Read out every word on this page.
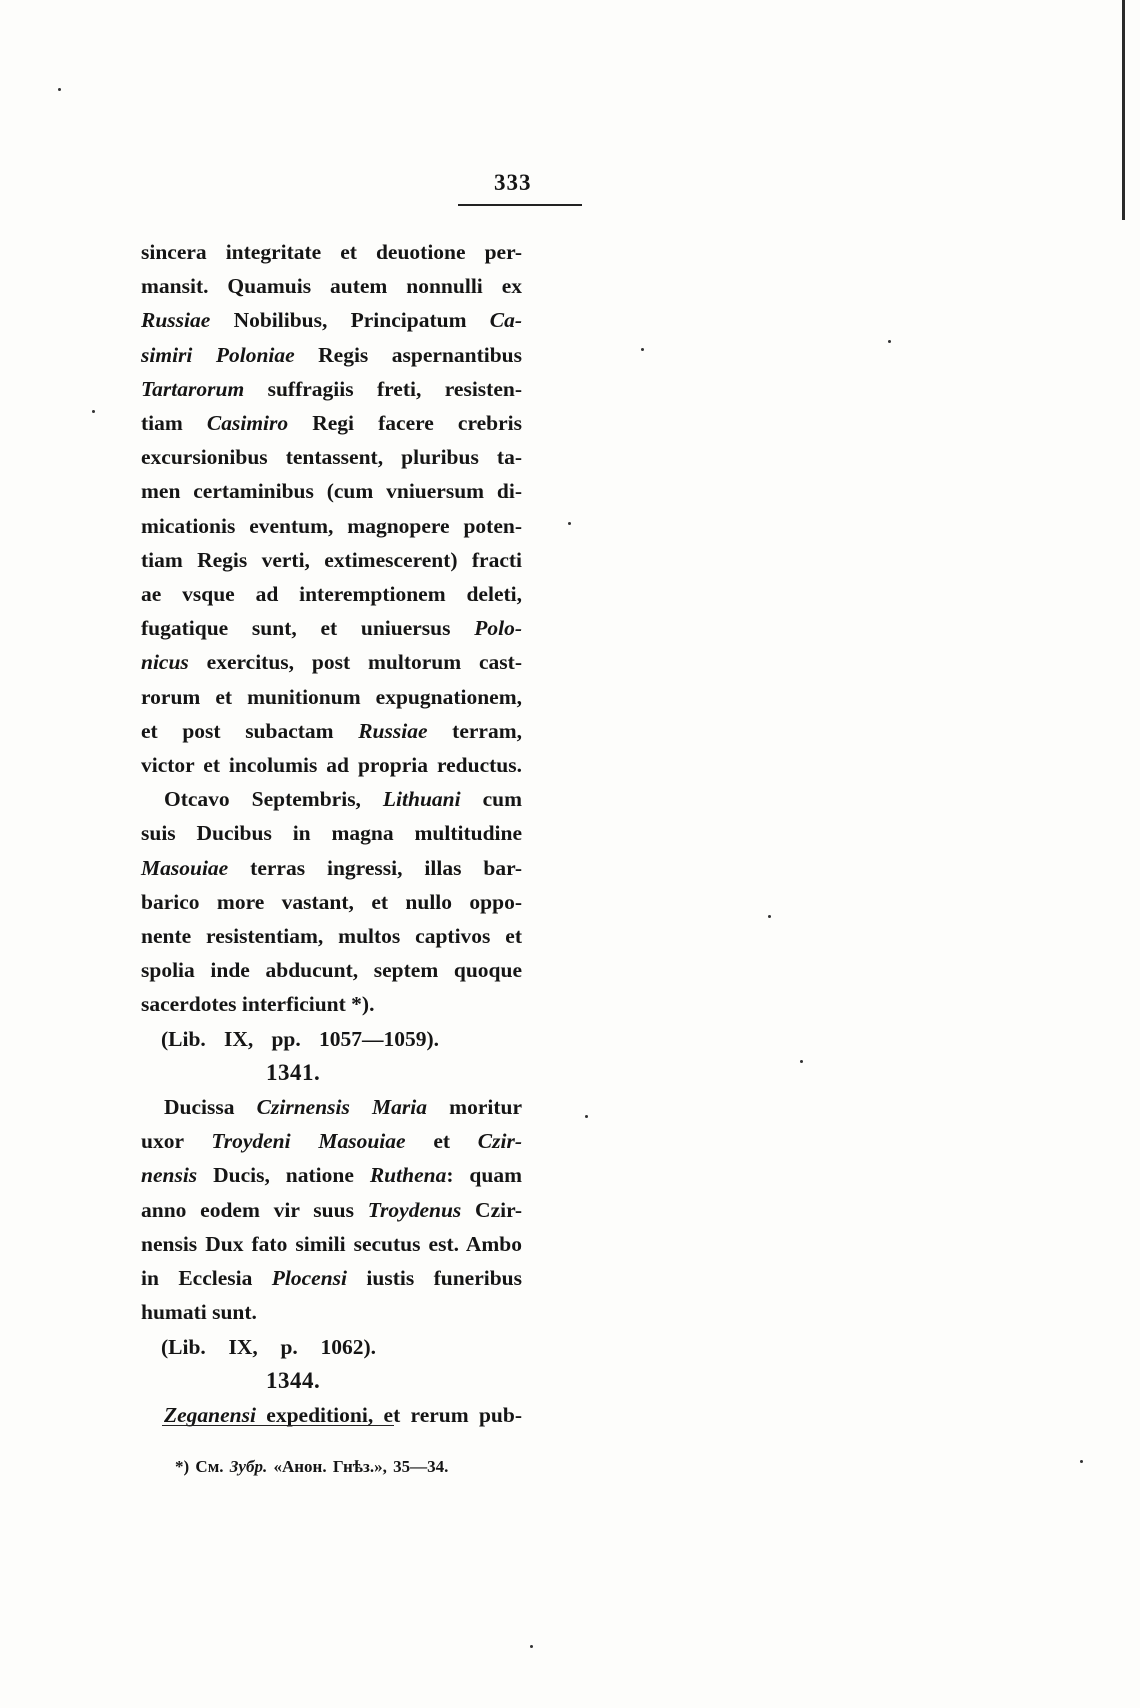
333
sincera integritate et deuotione per-
mansit. Quamuis autem nonnulli ex
Russiae Nobilibus, Principatum Ca-
simiri Poloniae Regis aspernantibus
Tartarorum suffragiis freti, resisten-
tiam Casimiro Regi facere crebris
excursionibus tentassent, pluribus ta-
men certaminibus (cum vniuersum di-
micationis eventum, magnopere poten-
tiam Regis verti, extimescerent) fracti
ae vsque ad interemptionem deleti,
fugatique sunt, et uniuersus Polo-
nicus exercitus, post multorum cast-
rorum et munitionum expugnationem,
et post subactam Russiae terram,
victor et incolumis ad propria reductus.
Otcavo Septembris, Lithuani cum
suis Ducibus in magna multitudine
Masouiae terras ingressi, illas bar-
barico more vastant, et nullo oppo-
nente resistentiam, multos captivos et
spolia inde abducunt, septem quoque
sacerdotes interficiunt *).
(Lib. IX, pp. 1057—1059).
1341.
Ducissa Czirnensis Maria moritur
uxor Troydeni Masouiae et Czir-
nensis Ducis, natione Ruthena: quam
anno eodem vir suus Troydenus Czir-
nensis Dux fato simili secutus est. Ambo
in Ecclesia Plocensi iustis funeribus
humati sunt.
(Lib. IX, p. 1062).
1344.
Zeganensi expeditioni, et rerum pub-
*) Cм. Зубр. «Анон. Гнѣз.», 35—34.
